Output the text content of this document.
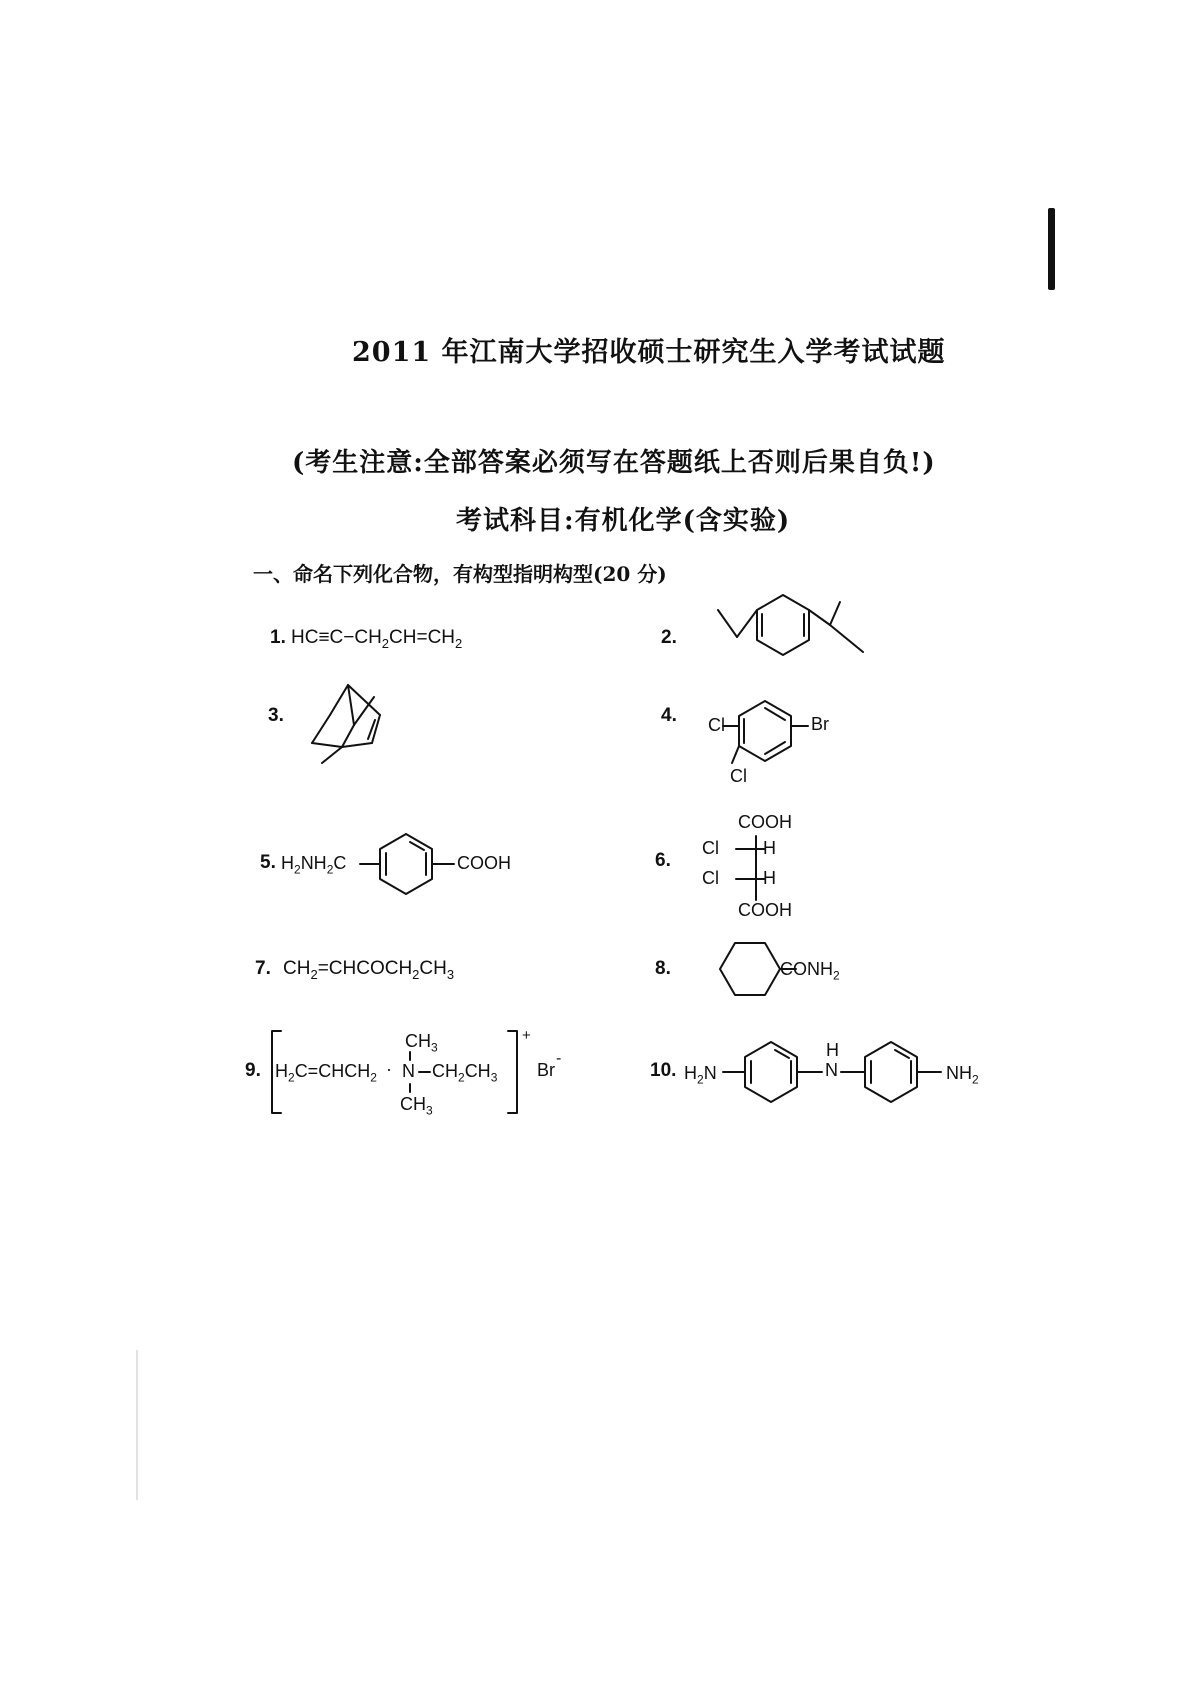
2011 年江南大学招收硕士研究生入学考试试题
(考生注意:全部答案必须写在答题纸上否则后果自负!)
考试科目:有机化学(含实验)
一、命名下列化合物，有构型指明构型(20 分)
1. $HC\equiv C-CH_2CH=CH_2$	2.
3.	4. Cl	Br
Cl
5. $H_2NH_2C$	COOH	6.
COOH
Cl H
Cl H
COOH
7. $CH_2=CHCOCH_2CH_3$	8.	$CONH_2$
9. $H_2C=CHCH_2 \cdot N$ $CH_2CH_3$
$CH_3$
$CH_3$
+
Br
-
10. $H_2N$
H
N	$NH_2$
